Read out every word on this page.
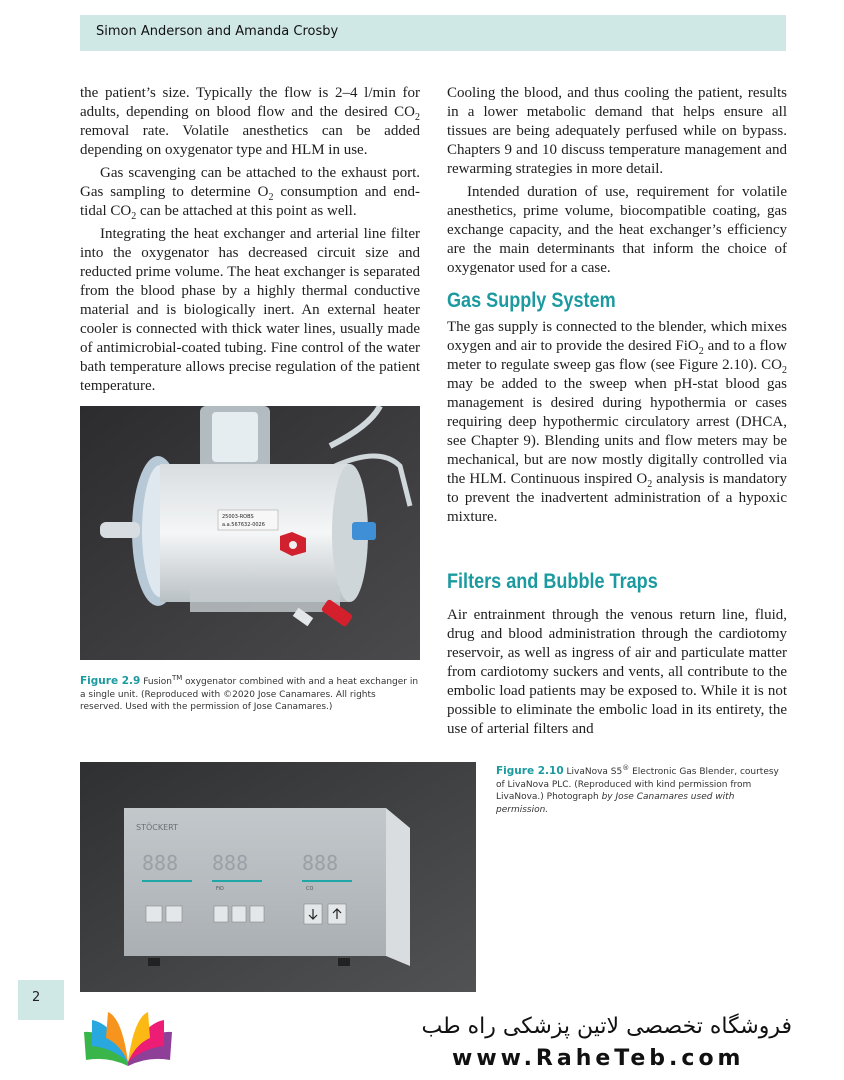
Simon Anderson and Amanda Crosby

the patient’s size. Typically the flow is 2–4 l/min for adults, depending on blood flow and the desired $CO_2$ removal rate. Volatile anesthetics can be added depending on oxygenator type and HLM in use.

Gas scavenging can be attached to the exhaust port. Gas sampling to determine $O_2$ consumption and end-tidal $CO_2$ can be attached at this point as well.

Integrating the heat exchanger and arterial line filter into the oxygenator has decreased circuit size and reducted prime volume. The heat exchanger is separated from the blood phase by a highly thermal conductive material and is biologically inert. An external heater cooler is connected with thick water lines, usually made of antimicrobial-coated tubing. Fine control of the water bath temperature allows precise regulation of the patient temperature.

25003-ROBS
a.a.567632-0026
Figure 2.9 Fusion™ oxygenator combined with and a heat exchanger in a single unit. (Reproduced with ©2020 Jose Canamares. All rights reserved. Used with the permission of Jose Canamares.)

Cooling the blood, and thus cooling the patient, results in a lower metabolic demand that helps ensure all tissues are being adequately perfused while on bypass. Chapters 9 and 10 discuss temperature management and rewarming strategies in more detail.

Intended duration of use, requirement for volatile anesthetics, prime volume, biocompatible coating, gas exchange capacity, and the heat exchanger’s efficiency are the main determinants that inform the choice of oxygenator used for a case.

Gas Supply System

The gas supply is connected to the blender, which mixes oxygen and air to provide the desired FiO$_2$ and to a flow meter to regulate sweep gas flow (see Figure 2.10). $CO_2$ may be added to the sweep when pH-stat blood gas management is desired during hypothermia or cases requiring deep hypothermic circulatory arrest (DHCA, see Chapter 9). Blending units and flow meters may be mechanical, but are now mostly digitally controlled via the HLM. Continuous inspired $O_2$ analysis is mandatory to prevent the inadvertent administration of a hypoxic mixture.

Filters and Bubble Traps

Air entrainment through the venous return line, fluid, drug and blood administration through the cardiotomy reservoir, as well as ingress of air and particulate matter from cardiotomy suckers and vents, all contribute to the embolic load patients may be exposed to. While it is not possible to eliminate the embolic load in its entirety, the use of arterial filters and

Figure 2.10 LivaNova S5® Electronic Gas Blender, courtesy of LivaNova PLC. (Reproduced with kind permission from LivaNova.) Photograph by Jose Canamares used with permission.
STÖCKERT
888 888	888
FiO	CO
2
فروشگاه تخصصی لاتین پزشکی راه طب
www.RaheTeb.com
